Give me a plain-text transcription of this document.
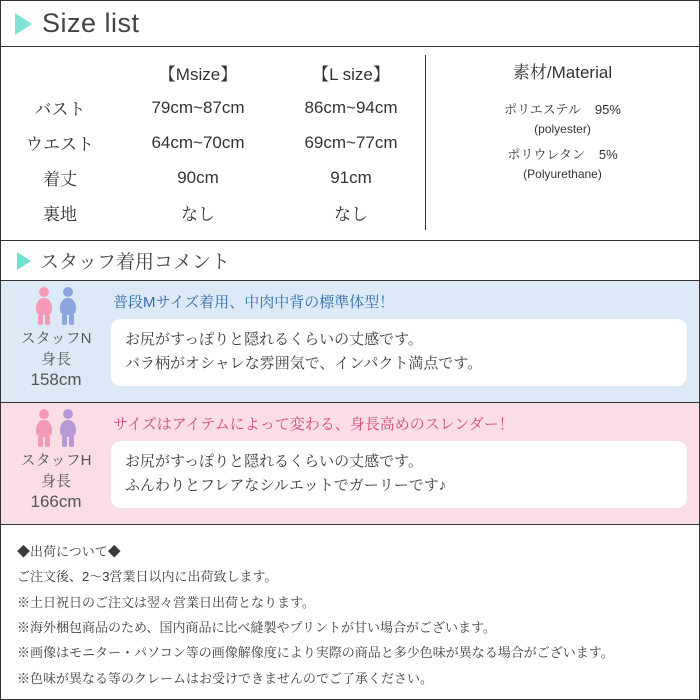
Size list
	【Msize】	【L size】	素材/Material
ポリエステル 95%
(polyester)
ポリウレタン 5%
(Polyurethane)

バスト	79cm~87cm	86cm~94cm	
ウエスト	64cm~70cm	69cm~77cm	
着丈	90cm	91cm	
裏地	なし	なし	
スタッフ着用コメント
スタッフN
身長
158cm
普段Mサイズ着用、中肉中背の標準体型！
お尻がすっぽりと隠れるくらいの丈感です。
バラ柄がオシャレな雰囲気で、インパクト満点です。
スタッフH
身長
166cm
サイズはアイテムによって変わる、身長高めのスレンダー！
お尻がすっぽりと隠れるくらいの丈感です。
ふんわりとフレアなシルエットでガーリーです♪
◆出荷について◆
ご注文後、2～3営業日以内に出荷致します。
※土日祝日のご注文は翌々営業日出荷となります。
※海外梱包商品のため、国内商品に比べ縫製やプリントが甘い場合がございます。
※画像はモニター・パソコン等の画像解像度により実際の商品と多少色味が異なる場合がございます。
※色味が異なる等のクレームはお受けできませんのでご了承ください。
